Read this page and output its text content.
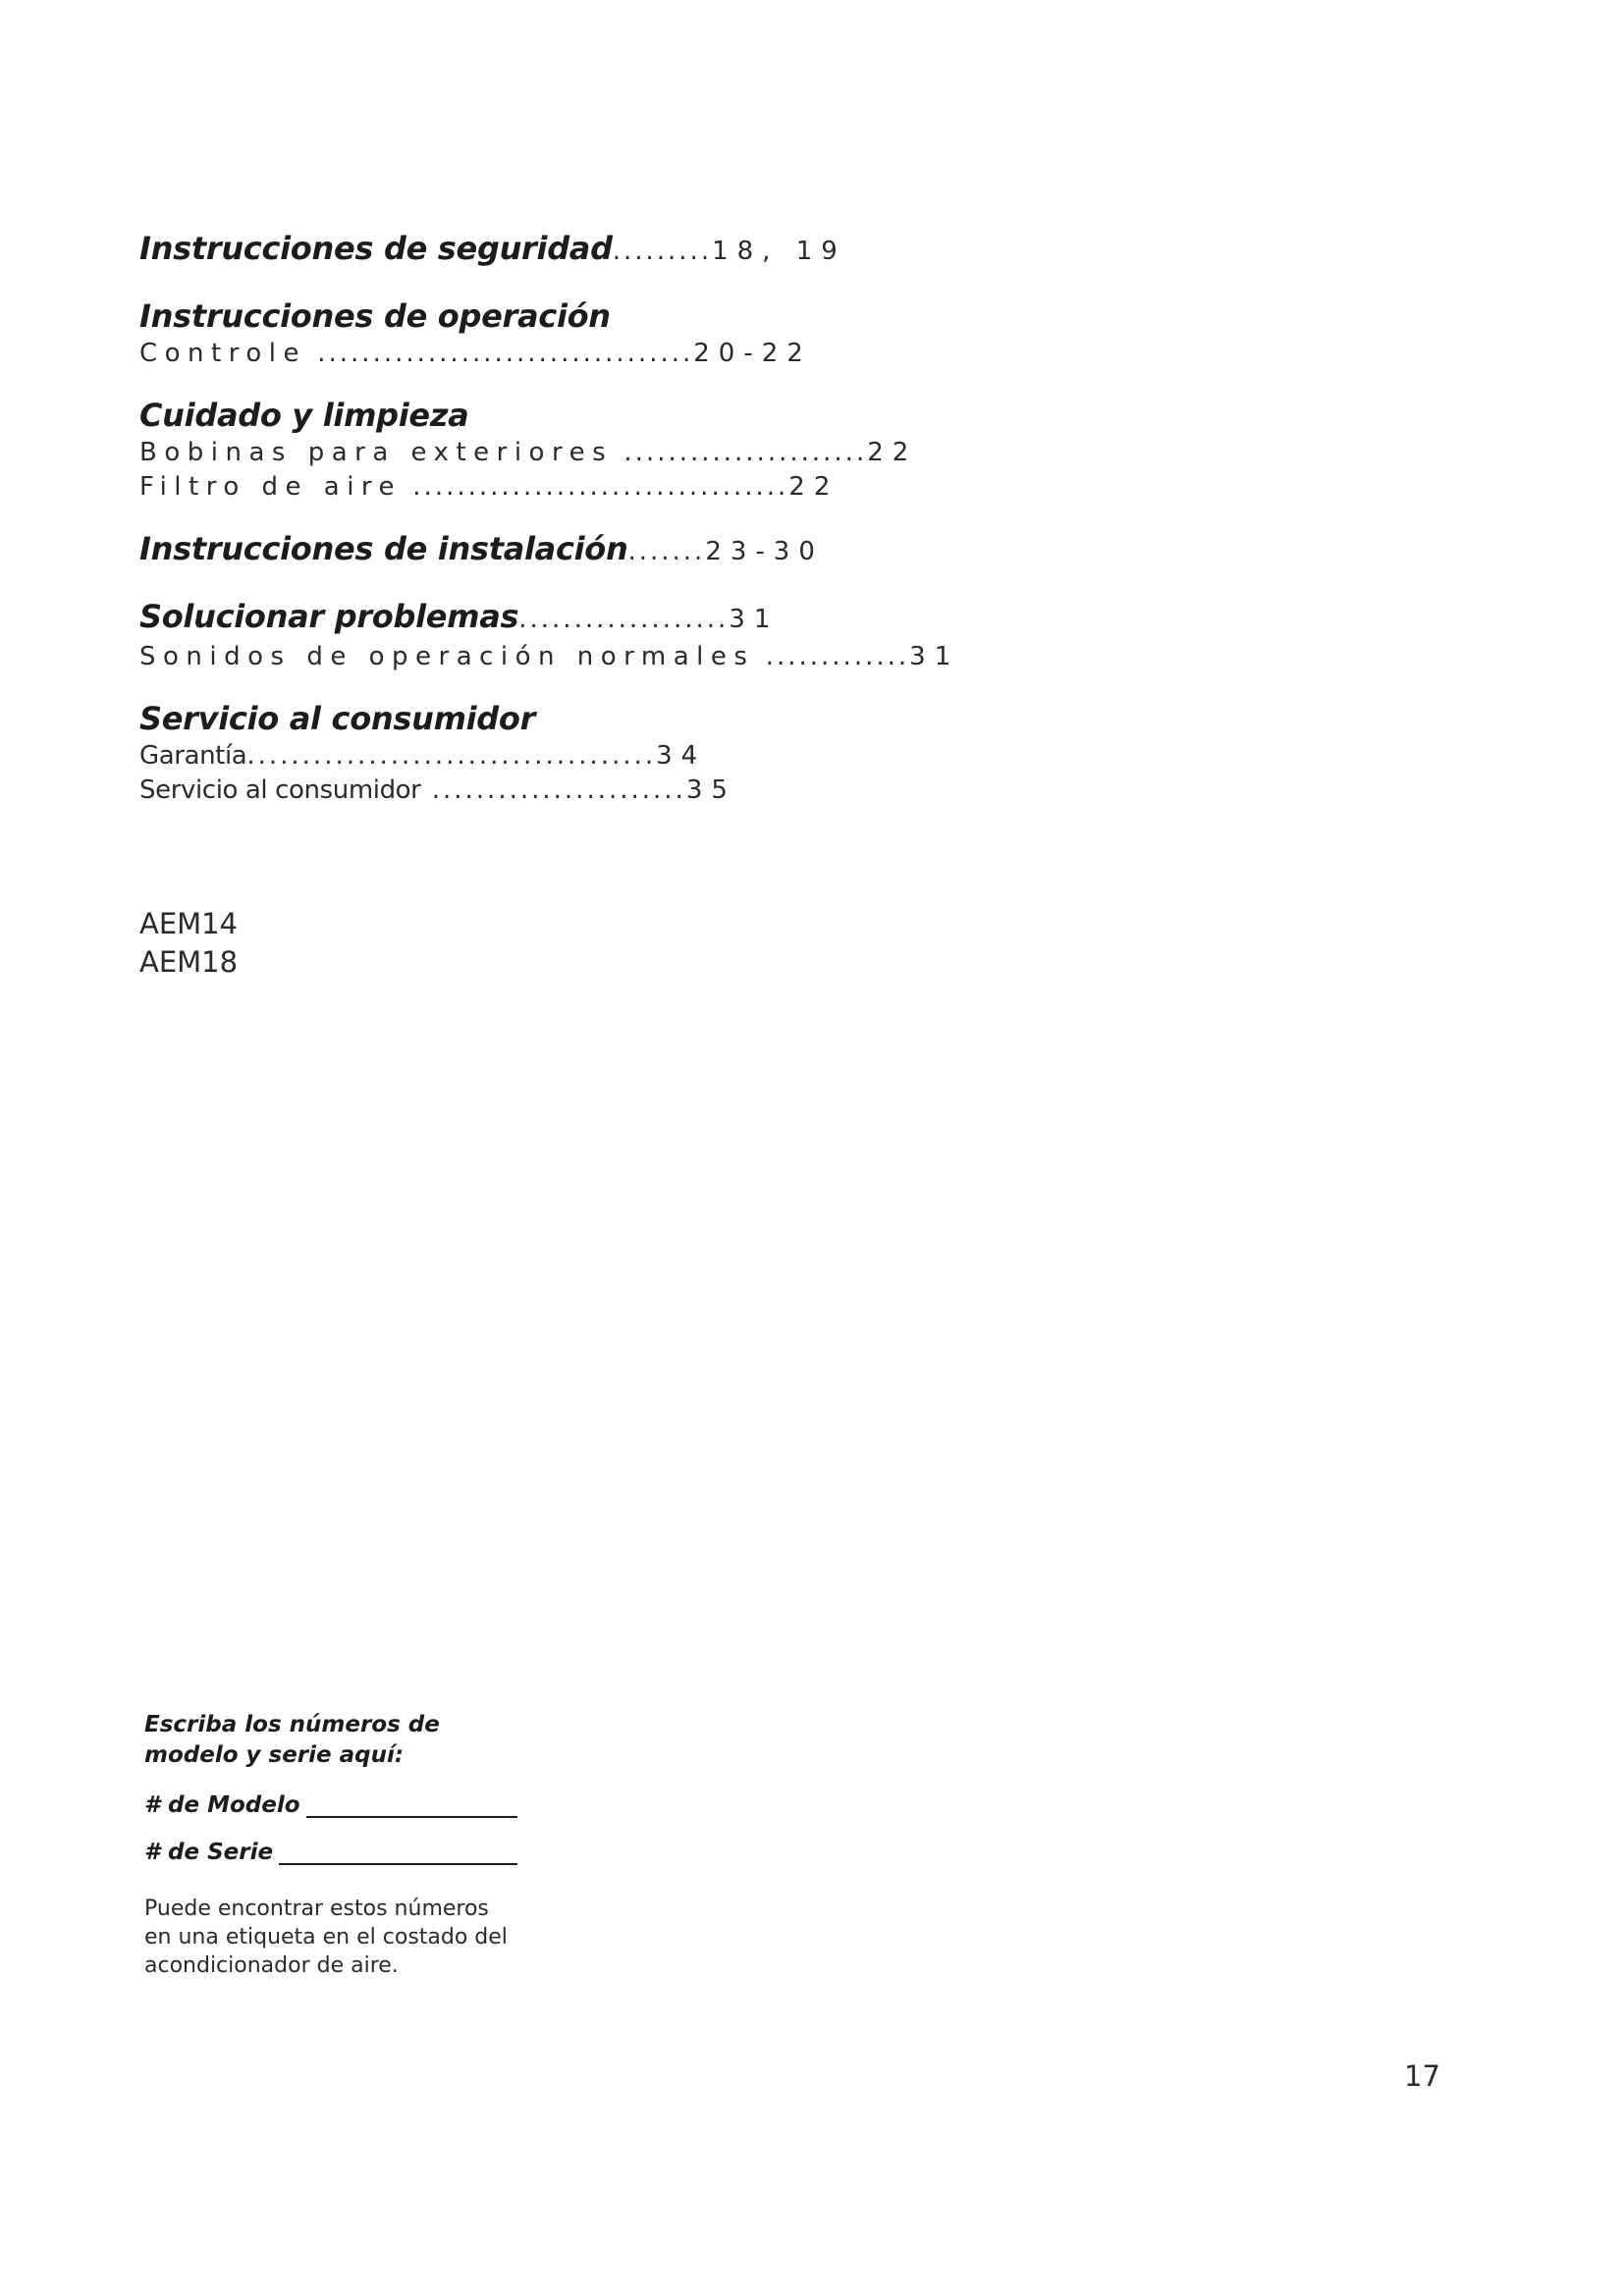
Instrucciones de seguridad.........18, 19
Instrucciones de operación
Controle ..................................20-22
Cuidado y limpieza
Bobinas para exteriores ......................22
Filtro de aire ..................................22
Instrucciones de instalación.......23-30
Solucionar problemas...................31
Sonidos de operación normales .............31
Servicio al consumidor
Garantía.....................................34
Servicio al consumidor .......................35
AEM14
AEM18
Escriba los números de modelo y serie aquí:
# de Modelo
# de Serie
Puede encontrar estos números en una etiqueta en el costado del acondicionador de aire.
17
